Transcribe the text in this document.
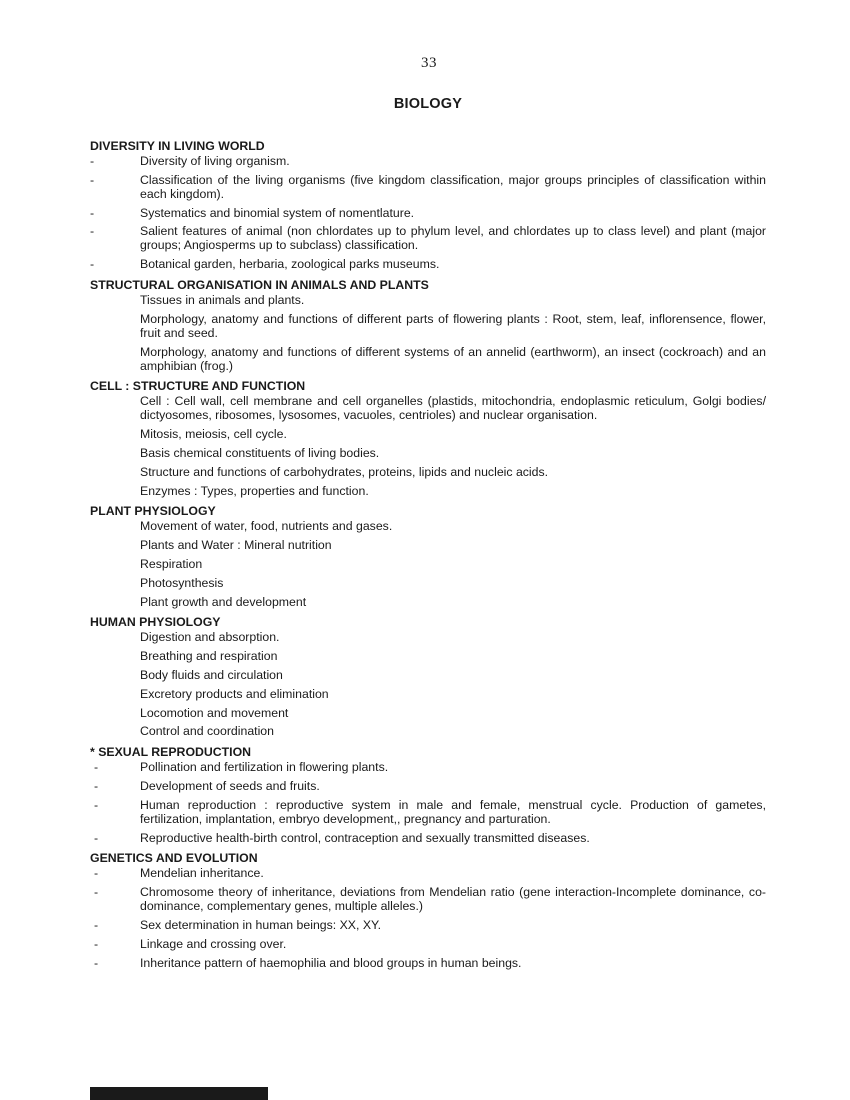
33
BIOLOGY
DIVERSITY IN LIVING WORLD
-	Diversity of living organism.
-	Classification of the living organisms (five kingdom classification, major groups principles of classification within each kingdom).
-	Systematics and binomial system of nomentlature.
-	Salient features of animal (non chlordates up to phylum level, and chlordates up to class level) and plant (major groups; Angiosperms up to subclass) classification.
-	Botanical garden, herbaria, zoological parks museums.
STRUCTURAL ORGANISATION IN ANIMALS AND PLANTS
Tissues in animals and plants.
Morphology, anatomy and functions of different parts of flowering plants : Root, stem, leaf, inflorensence, flower, fruit and seed.
Morphology, anatomy and functions of different systems of an annelid (earthworm), an insect (cockroach) and an amphibian (frog.)
CELL : STRUCTURE AND FUNCTION
Cell : Cell wall, cell membrane and cell organelles (plastids, mitochondria, endoplasmic reticulum, Golgi bodies/ dictyosomes, ribosomes, lysosomes, vacuoles, centrioles) and nuclear organisation.
Mitosis, meiosis, cell cycle.
Basis chemical constituents of living bodies.
Structure and functions of carbohydrates, proteins, lipids and nucleic acids.
Enzymes : Types, properties and function.
PLANT PHYSIOLOGY
Movement of water, food, nutrients and gases.
Plants and Water : Mineral nutrition
Respiration
Photosynthesis
Plant growth and development
HUMAN PHYSIOLOGY
Digestion and absorption.
Breathing and respiration
Body fluids and circulation
Excretory products and elimination
Locomotion and movement
Control and coordination
* SEXUAL REPRODUCTION
-	Pollination and fertilization in flowering plants.
-	Development of seeds and fruits.
-	Human reproduction : reproductive system in male and female, menstrual cycle. Production of gametes, fertilization, implantation, embryo development,, pregnancy and parturation.
-	Reproductive health-birth control, contraception and sexually transmitted diseases.
GENETICS AND EVOLUTION
-	Mendelian inheritance.
-	Chromosome theory of inheritance, deviations from Mendelian ratio (gene interaction-Incomplete dominance, co-dominance, complementary genes, multiple alleles.)
-	Sex determination in human beings: XX, XY.
-	Linkage and crossing over.
-	Inheritance pattern of haemophilia and blood groups in human beings.
